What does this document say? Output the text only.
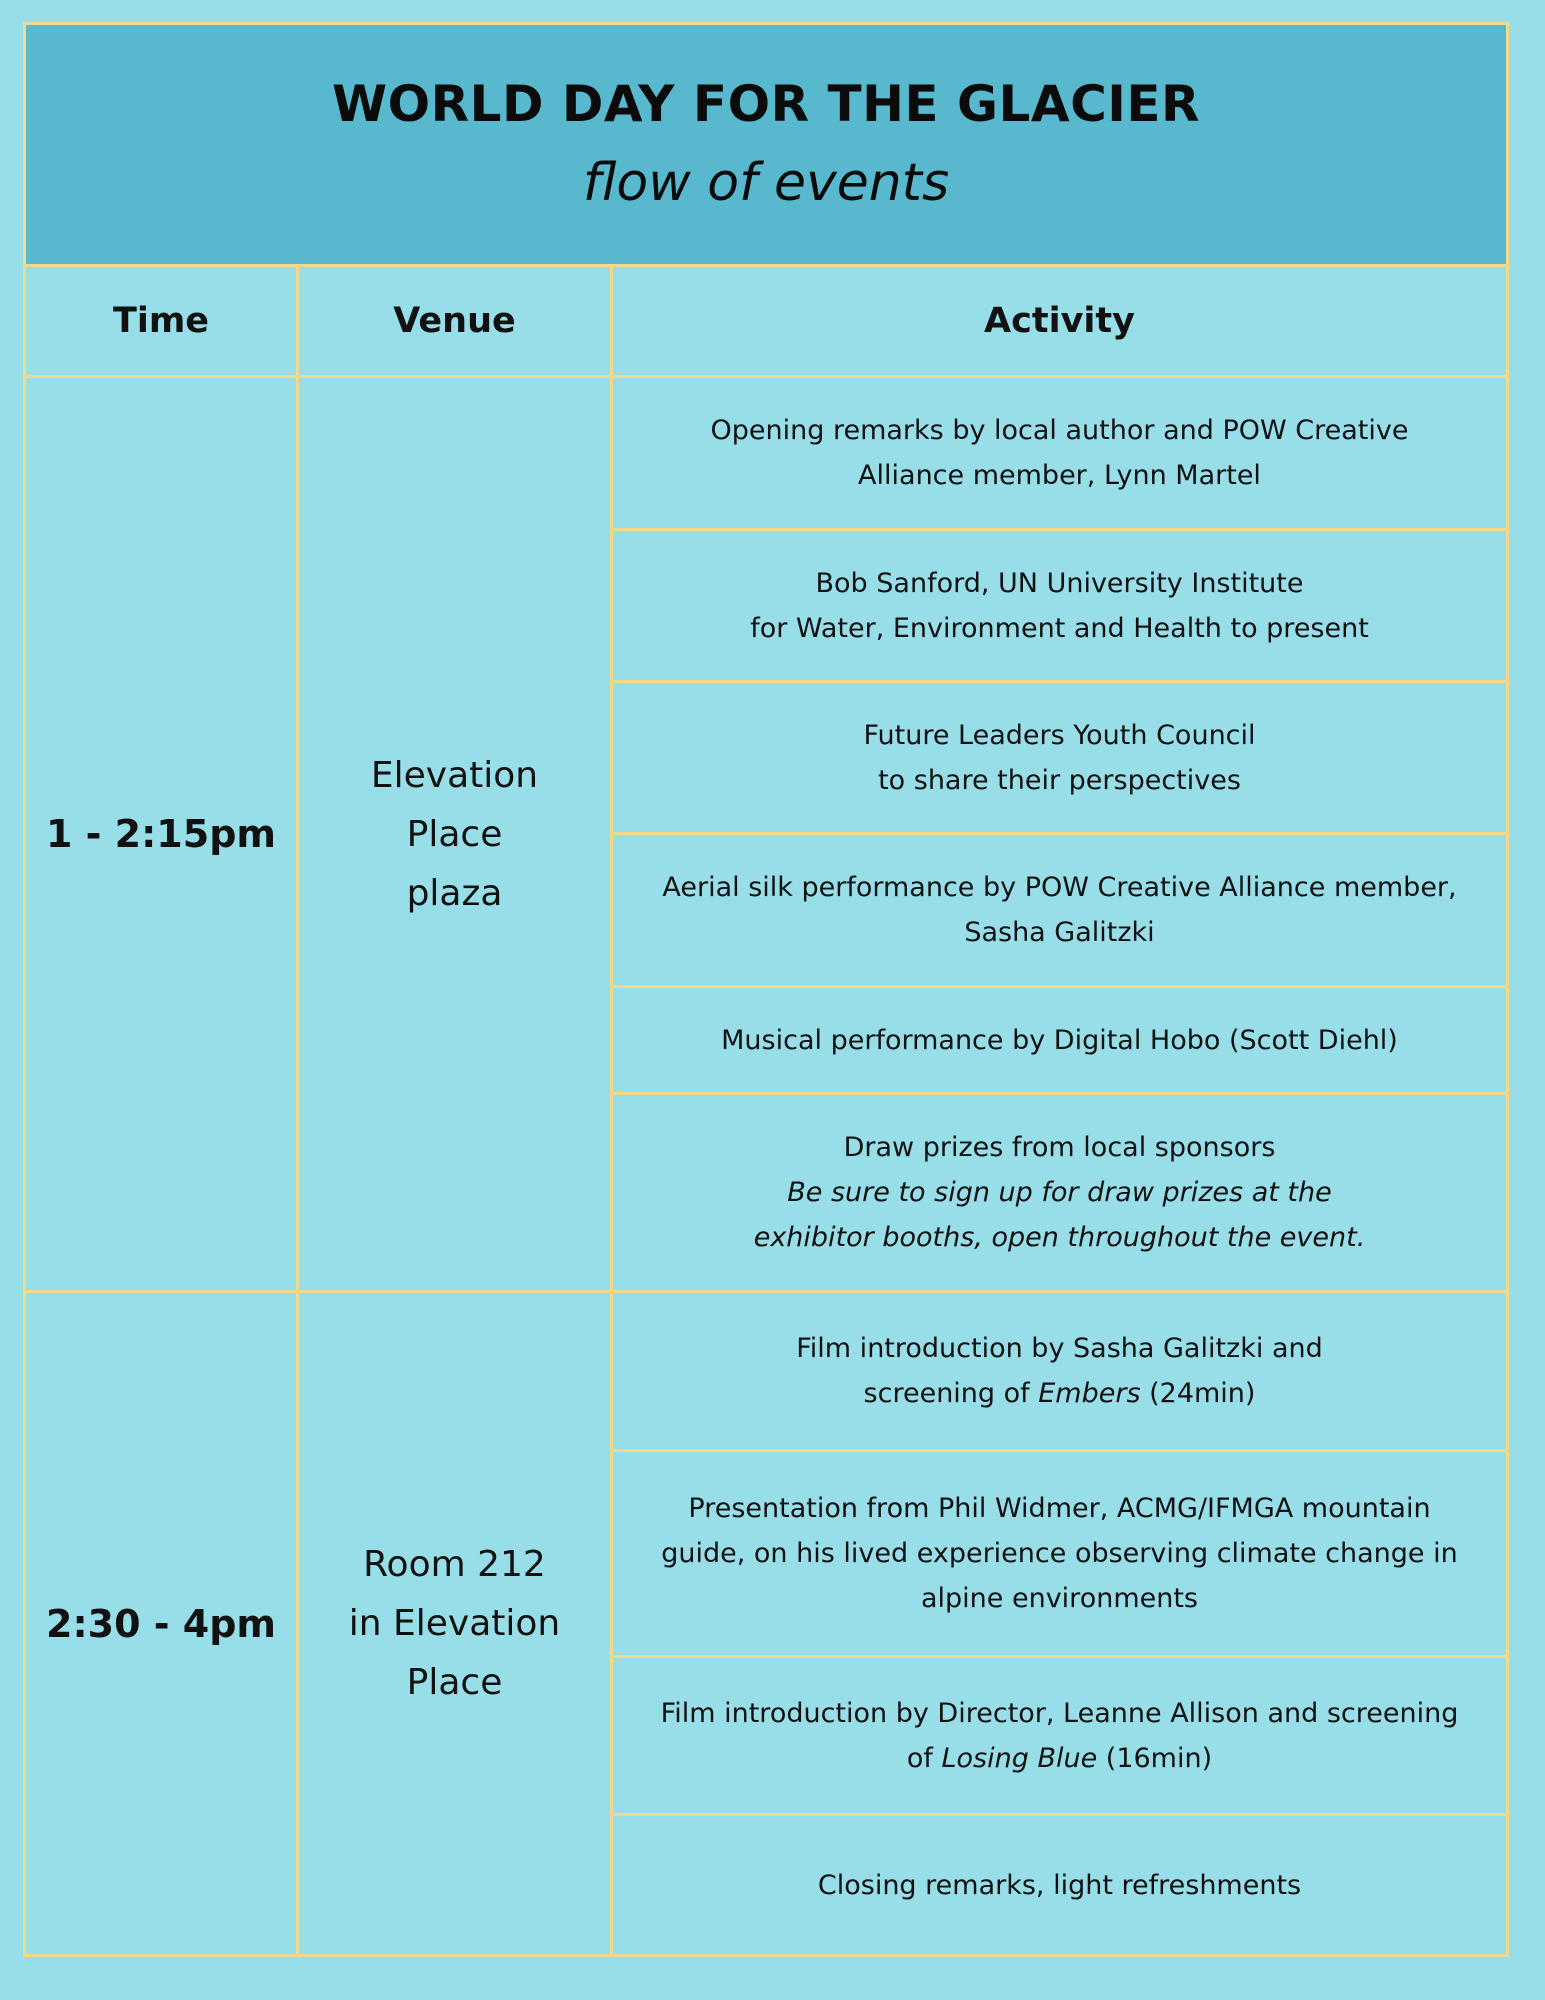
WORLD DAY FOR THE GLACIER
flow of events
Time	Venue	Activity
1 - 2:15pm
Elevation
Place
plaza
Opening remarks by local author and POW Creative
Alliance member, Lynn Martel
Bob Sanford, UN University Institute
for Water, Environment and Health to present
Future Leaders Youth Council
to share their perspectives
Aerial silk performance by POW Creative Alliance member,
Sasha Galitzki
Musical performance by Digital Hobo (Scott Diehl)
Draw prizes from local sponsors
Be sure to sign up for draw prizes at the
exhibitor booths, open throughout the event.
2:30 - 4pm
Room 212
in Elevation
Place
Film introduction by Sasha Galitzki and
screening of Embers (24min)
Presentation from Phil Widmer, ACMG/IFMGA mountain
guide, on his lived experience observing climate change in
alpine environments
Film introduction by Director, Leanne Allison and screening
of Losing Blue (16min)
Closing remarks, light refreshments
